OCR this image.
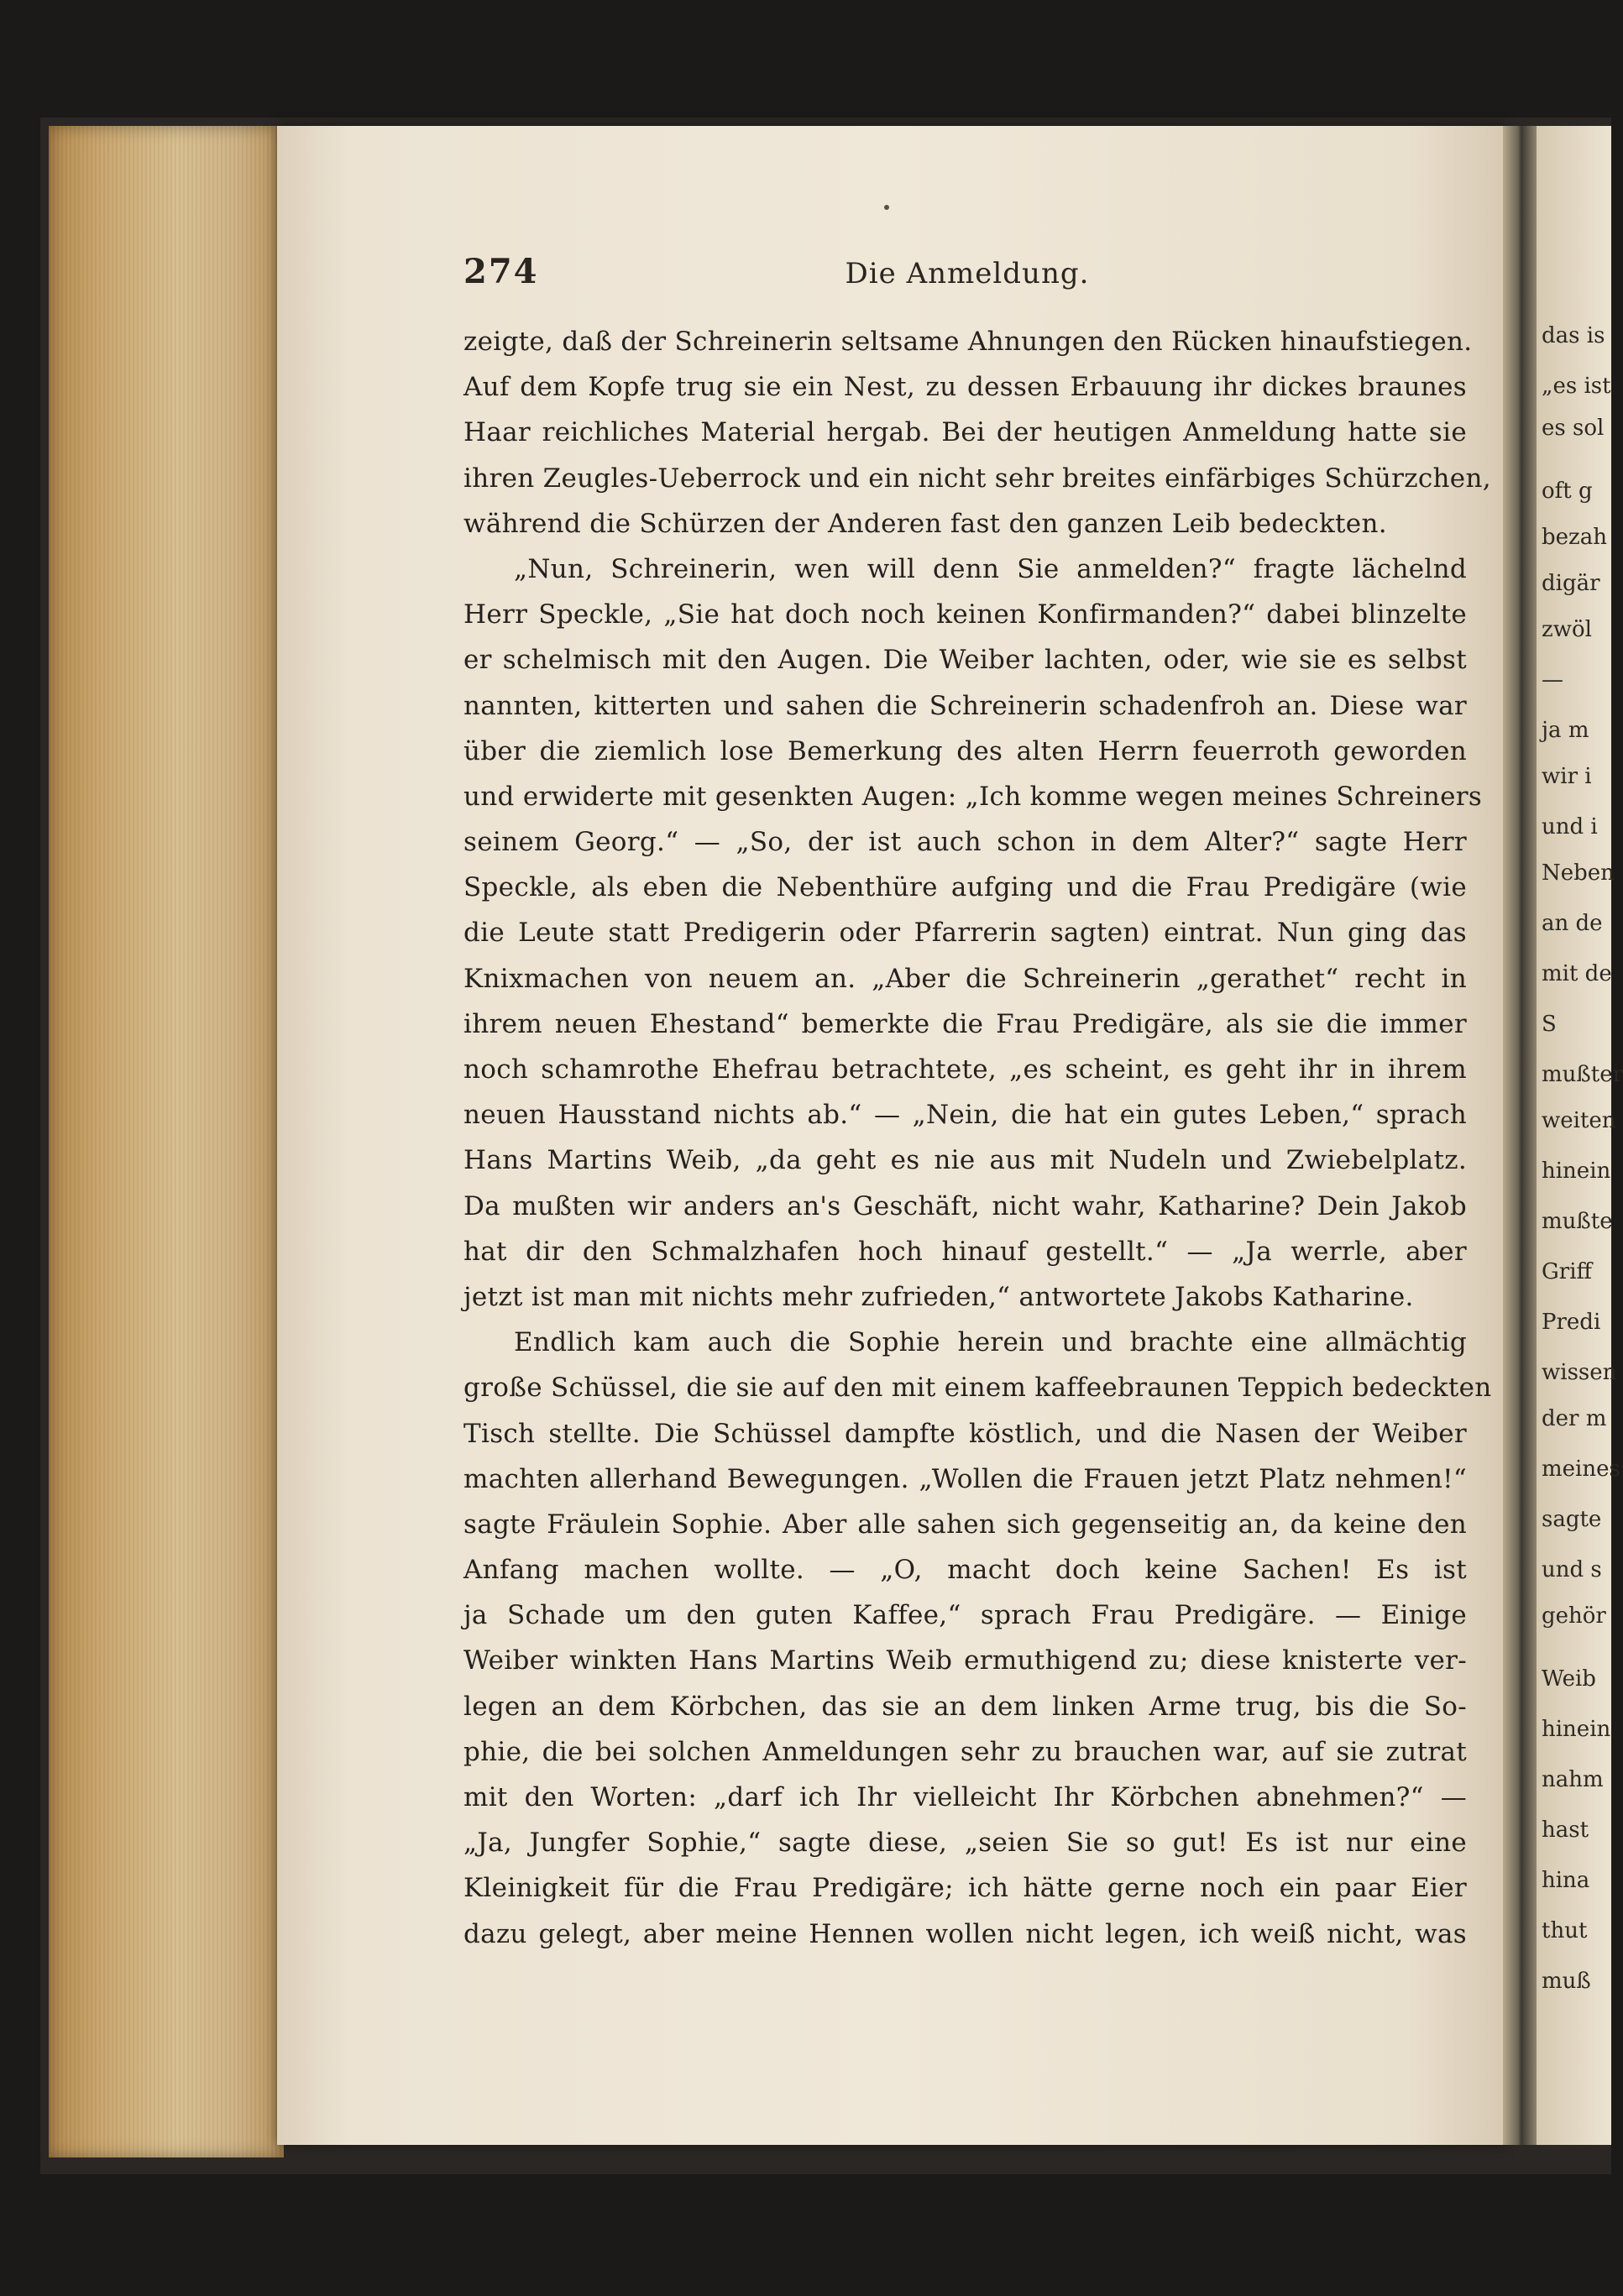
das is
„es ist
es sol
oft g
bezah
digär
zwöl
—
ja m
wir i
und i
Neben
an de
mit de
S
mußter
weiten
hinein
mußte
Griff
Predi
wissen
der m
meines
sagte
und s
gehör
Weib
hinein
nahm
hast
hina
thut
muß
274	Die Anmeldung.
zeigte, daß der Schreinerin seltsame Ahnungen den Rücken hinaufstiegen.
Auf dem Kopfe trug sie ein Nest, zu dessen Erbauung ihr dickes braunes
Haar reichliches Material hergab. Bei der heutigen Anmeldung hatte sie
ihren Zeugles-Ueberrock und ein nicht sehr breites einfärbiges Schürzchen,
während die Schürzen der Anderen fast den ganzen Leib bedeckten.
„Nun, Schreinerin, wen will denn Sie anmelden?“ fragte lächelnd
Herr Speckle, „Sie hat doch noch keinen Konfirmanden?“ dabei blinzelte
er schelmisch mit den Augen. Die Weiber lachten, oder, wie sie es selbst
nannten, kitterten und sahen die Schreinerin schadenfroh an. Diese war
über die ziemlich lose Bemerkung des alten Herrn feuerroth geworden
und erwiderte mit gesenkten Augen: „Ich komme wegen meines Schreiners
seinem Georg.“ — „So, der ist auch schon in dem Alter?“ sagte Herr
Speckle, als eben die Nebenthüre aufging und die Frau Predigäre (wie
die Leute statt Predigerin oder Pfarrerin sagten) eintrat. Nun ging das
Knixmachen von neuem an. „Aber die Schreinerin „gerathet“ recht in
ihrem neuen Ehestand“ bemerkte die Frau Predigäre, als sie die immer
noch schamrothe Ehefrau betrachtete, „es scheint, es geht ihr in ihrem
neuen Hausstand nichts ab.“ — „Nein, die hat ein gutes Leben,“ sprach
Hans Martins Weib, „da geht es nie aus mit Nudeln und Zwiebelplatz.
Da mußten wir anders an's Geschäft, nicht wahr, Katharine? Dein Jakob
hat dir den Schmalzhafen hoch hinauf gestellt.“ — „Ja werrle, aber
jetzt ist man mit nichts mehr zufrieden,“ antwortete Jakobs Katharine.
Endlich kam auch die Sophie herein und brachte eine allmächtig
große Schüssel, die sie auf den mit einem kaffeebraunen Teppich bedeckten
Tisch stellte. Die Schüssel dampfte köstlich, und die Nasen der Weiber
machten allerhand Bewegungen. „Wollen die Frauen jetzt Platz nehmen!“
sagte Fräulein Sophie. Aber alle sahen sich gegenseitig an, da keine den
Anfang machen wollte. — „O, macht doch keine Sachen! Es ist
ja Schade um den guten Kaffee,“ sprach Frau Predigäre. — Einige
Weiber winkten Hans Martins Weib ermuthigend zu; diese knisterte ver-
legen an dem Körbchen, das sie an dem linken Arme trug, bis die So-
phie, die bei solchen Anmeldungen sehr zu brauchen war, auf sie zutrat
mit den Worten: „darf ich Ihr vielleicht Ihr Körbchen abnehmen?“ —
„Ja, Jungfer Sophie,“ sagte diese, „seien Sie so gut! Es ist nur eine
Kleinigkeit für die Frau Predigäre; ich hätte gerne noch ein paar Eier
dazu gelegt, aber meine Hennen wollen nicht legen, ich weiß nicht, was
